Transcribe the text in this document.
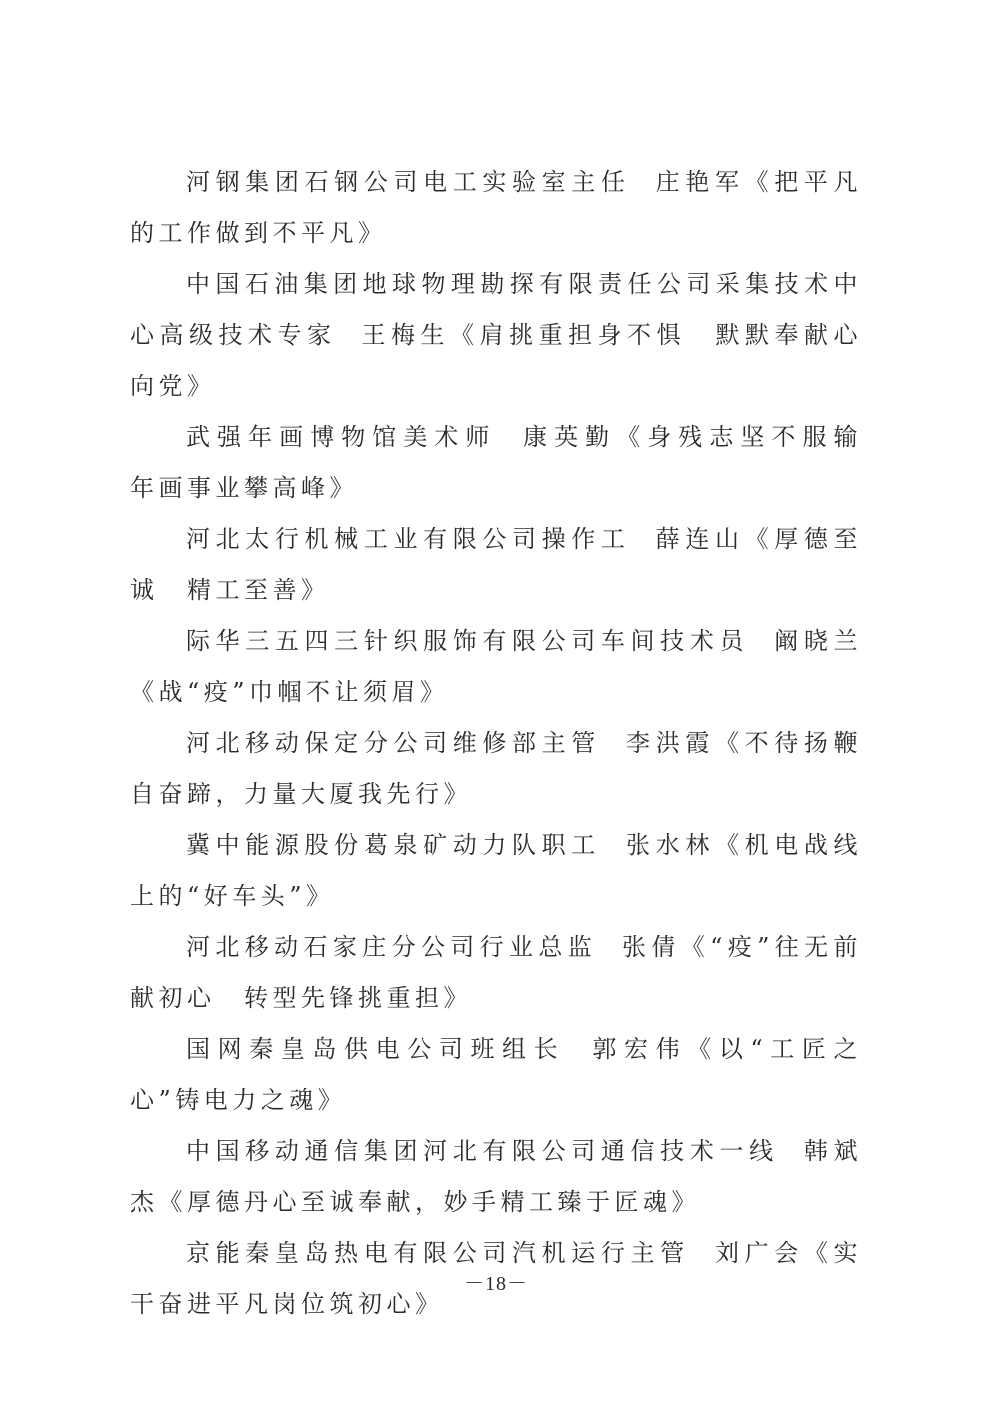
河钢集团石钢公司电工实验室主任 庄艳军《把平凡的工作做到不平凡》

中国石油集团地球物理勘探有限责任公司采集技术中心高级技术专家 王梅生《肩挑重担身不惧　默默奉献心向党》

武强年画博物馆美术师 康英勤《身残志坚不服输　年画事业攀高峰》

河北太行机械工业有限公司操作工 薛连山《厚德至诚　精工至善》

际华三五四三针织服饰有限公司车间技术员 阚晓兰《战“疫”巾帼不让须眉》

河北移动保定分公司维修部主管 李洪霞《不待扬鞭自奋蹄，力量大厦我先行》

冀中能源股份葛泉矿动力队职工 张水林《机电战线上的“好车头”》

河北移动石家庄分公司行业总监 张倩《“疫”往无前献初心　转型先锋挑重担》

国网秦皇岛供电公司班组长 郭宏伟《以“工匠之心”铸电力之魂》

中国移动通信集团河北有限公司通信技术一线 韩斌杰《厚德丹心至诚奉献，妙手精工臻于匠魂》

京能秦皇岛热电有限公司汽机运行主管 刘广会《实干奋进平凡岗位筑初心》

－18－
